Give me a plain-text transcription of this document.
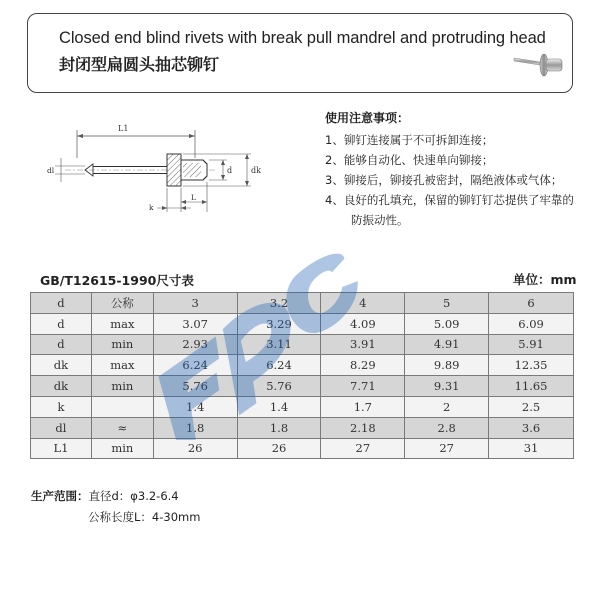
Closed end blind rivets with break pull mandrel and protruding head
封闭型扁圆头抽芯铆钉
L1
dl	d dk
k
L
使用注意事项：
1、铆钉连接属于不可拆卸连接；
2、能够自动化、快速单向铆接；
3、铆接后，铆接孔被密封，隔绝液体或气体；
4、良好的孔填充，保留的铆钉钉芯提供了牢靠的防振动性。
GB/T12615-1990尺寸表	单位：mm
d	公称	3	3.2	4	5	6
d	max	3.07	3.29	4.09	5.09	6.09
d	min	2.93	3.11	3.91	4.91	5.91
dk	max	6.24	6.24	8.29	9.89	12.35
dk	min	5.76	5.76	7.71	9.31	11.65
k		1.4	1.4	1.7	2	2.5
dl	≈	1.8	1.8	2.18	2.8	3.6
L1	min	26	26	27	27	31
生产范围：直径d：φ3.2-6.4
公称长度L：4-30mm
